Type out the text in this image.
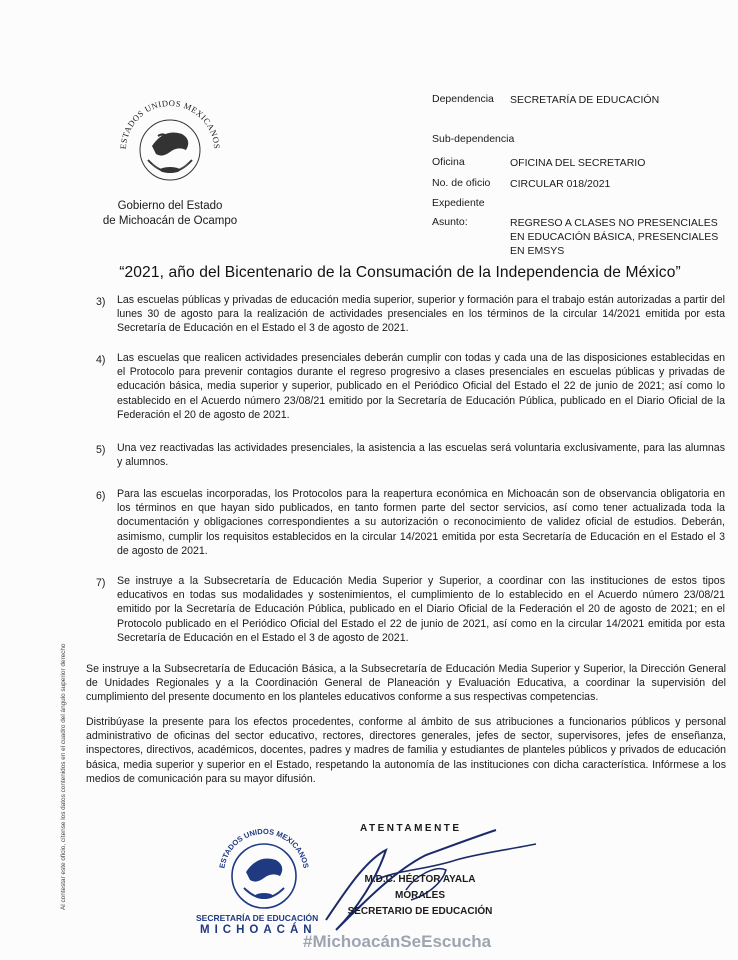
ESTADOS UNIDOS MEXICANOS
Gobierno del Estado
de Michoacán de Ocampo
Dependencia SECRETARÍA DE EDUCACIÓN
Sub-dependencia
Oficina	OFICINA DEL SECRETARIO
No. de oficio CIRCULAR 018/2021
Expediente
Asunto:	REGRESO A CLASES NO PRESENCIALES EN EDUCACIÓN BÁSICA, PRESENCIALES EN EMSYS
“2021, año del Bicentenario de la Consumación de la Independencia de México”
3) Las escuelas públicas y privadas de educación media superior, superior y formación para el trabajo están autorizadas a partir del lunes 30 de agosto para la realización de actividades presenciales en los términos de la circular 14/2021 emitida por esta Secretaría de Educación en el Estado el 3 de agosto de 2021.
4) Las escuelas que realicen actividades presenciales deberán cumplir con todas y cada una de las disposiciones establecidas en el Protocolo para prevenir contagios durante el regreso progresivo a clases presenciales en escuelas públicas y privadas de educación básica, media superior y superior, publicado en el Periódico Oficial del Estado el 22 de junio de 2021; así como lo establecido en el Acuerdo número 23/08/21 emitido por la Secretaría de Educación Pública, publicado en el Diario Oficial de la Federación el 20 de agosto de 2021.
5) Una vez reactivadas las actividades presenciales, la asistencia a las escuelas será voluntaria exclusivamente, para las alumnas y alumnos.
6) Para las escuelas incorporadas, los Protocolos para la reapertura económica en Michoacán son de observancia obligatoria en los términos en que hayan sido publicados, en tanto formen parte del sector servicios, así como tener actualizada toda la documentación y obligaciones correspondientes a su autorización o reconocimiento de validez oficial de estudios. Deberán, asimismo, cumplir los requisitos establecidos en la circular 14/2021 emitida por esta Secretaría de Educación en el Estado el 3 de agosto de 2021.
7) Se instruye a la Subsecretaría de Educación Media Superior y Superior, a coordinar con las instituciones de estos tipos educativos en todas sus modalidades y sostenimientos, el cumplimiento de lo establecido en el Acuerdo número 23/08/21 emitido por la Secretaría de Educación Pública, publicado en el Diario Oficial de la Federación el 20 de agosto de 2021; en el Protocolo publicado en el Periódico Oficial del Estado el 22 de junio de 2021, así como en la circular 14/2021 emitida por esta Secretaría de Educación en el Estado el 3 de agosto de 2021.
Se instruye a la Subsecretaría de Educación Básica, a la Subsecretaría de Educación Media Superior y Superior, la Dirección General de Unidades Regionales y a la Coordinación General de Planeación y Evaluación Educativa, a coordinar la supervisión del cumplimiento del presente documento en los planteles educativos conforme a sus respectivas competencias.
Distribúyase la presente para los efectos procedentes, conforme al ámbito de sus atribuciones a funcionarios públicos y personal administrativo de oficinas del sector educativo, rectores, directores generales, jefes de sector, supervisores, jefes de enseñanza, inspectores, directivos, académicos, docentes, padres y madres de familia y estudiantes de planteles públicos y privados de educación básica, media superior y superior en el Estado, respetando la autonomía de las instituciones con dicha característica. Infórmese a los medios de comunicación para su mayor difusión.
Al contestar este oficio, cítense los datos contenidos en el cuadro del ángulo superior derecho	ATENTAMENTE
ESTADOS UNIDOS MEXICANOS
SECRETARÍA DE EDUCACIÓN
MICHOACÁN
M.D.C. HÉCTOR AYALA MORALES
SECRETARIO DE EDUCACIÓN
#MichoacánSeEscucha
